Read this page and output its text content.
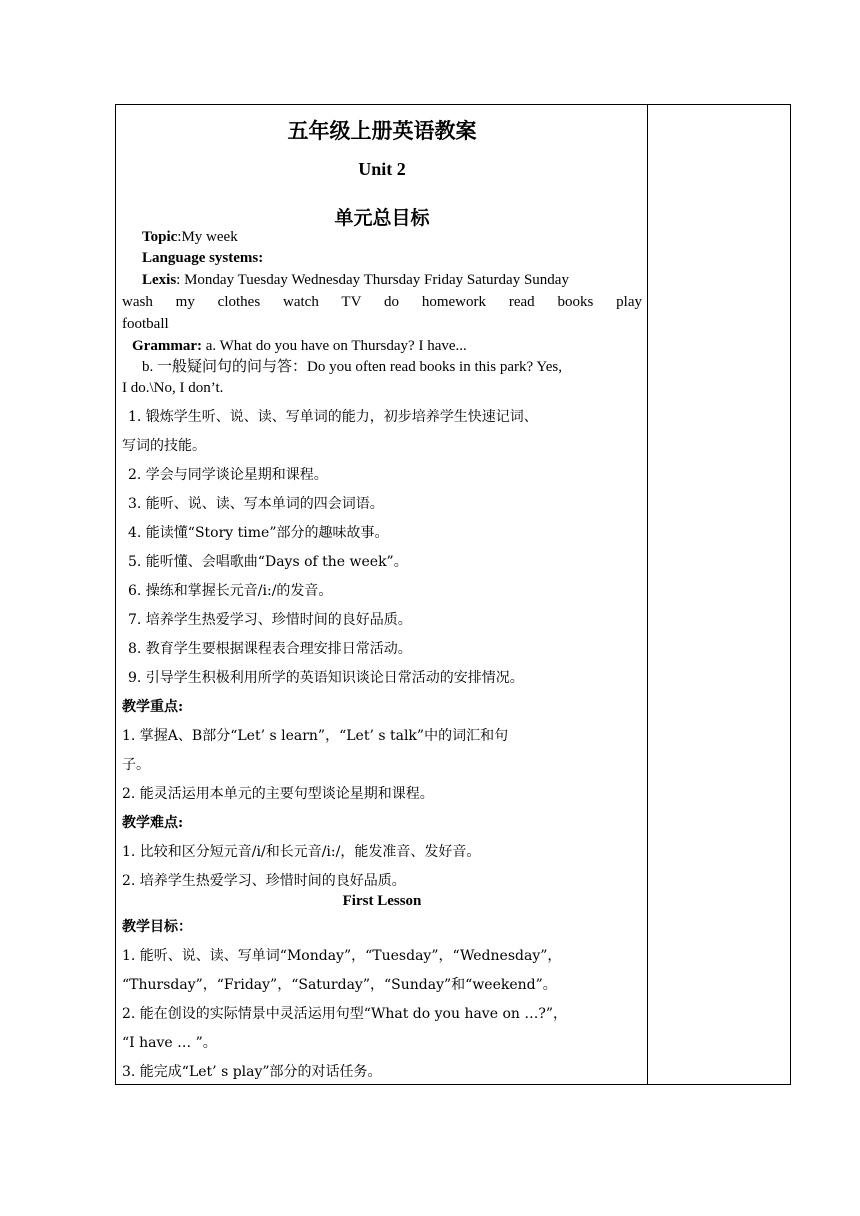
五年级上册英语教案
Unit 2
单元总目标
Topic:My week
Language systems:
Lexis: Monday Tuesday Wednesday Thursday Friday Saturday Sunday
wash my clothes watch TV do homework read books play
football
Grammar: a. What do you have on Thursday? I have...
b. 一般疑问句的问与答：Do you often read books in this park? Yes,
I do.\No, I don’t.
1. 锻炼学生听、说、读、写单词的能力，初步培养学生快速记词、
写词的技能。
2. 学会与同学谈论星期和课程。
3. 能听、说、读、写本单词的四会词语。
4. 能读懂“Story time”部分的趣味故事。
5. 能听懂、会唱歌曲“Days of the week”。
6. 操练和掌握长元音/i:/的发音。
7. 培养学生热爱学习、珍惜时间的良好品质。
8. 教育学生要根据课程表合理安排日常活动。
9. 引导学生积极利用所学的英语知识谈论日常活动的安排情况。
教学重点:
1. 掌握A、B部分“Let’ s learn”，“Let’ s talk”中的词汇和句
子。
2. 能灵活运用本单元的主要句型谈论星期和课程。
教学难点:
1. 比较和区分短元音/i/和长元音/i:/，能发准音、发好音。
2. 培养学生热爱学习、珍惜时间的良好品质。
First Lesson
教学目标：
1. 能听、说、读、写单词“Monday”，“Tuesday”，“Wednesday”，
“Thursday”，“Friday”，“Saturday”，“Sunday”和“weekend”。
2. 能在创设的实际情景中灵活运用句型“What do you have on …?”，
“I have … ”。
3. 能完成“Let’ s play”部分的对话任务。
